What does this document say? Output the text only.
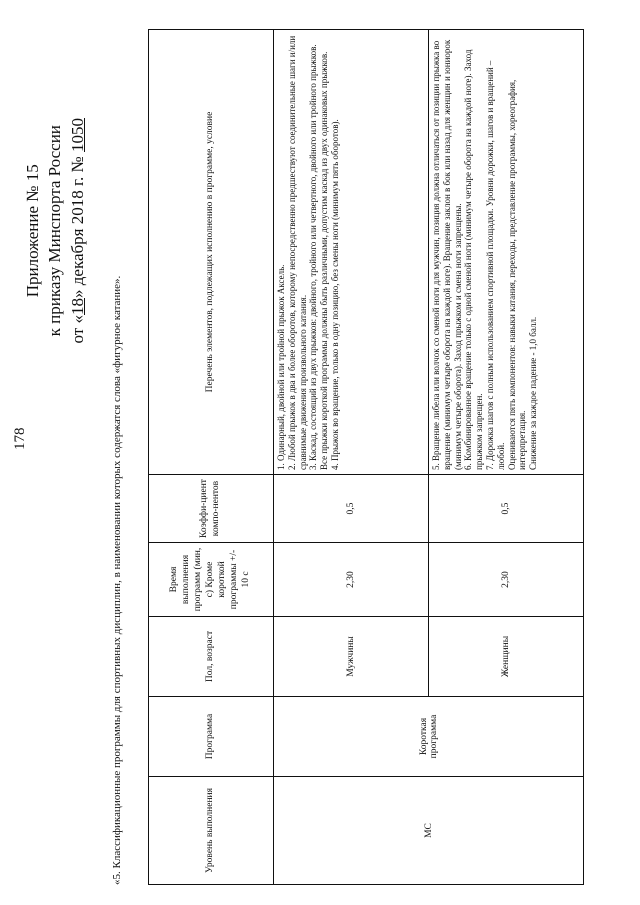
178
Приложение № 15 к приказу Минспорта России от «18» декабря 2018 г. № 1050
«5. Классификационные программы для спортивных дисциплин, в наименовании которых содержатся слова «фигурное катание».	Уровень выполнения	Программа	Пол, возраст	Время выполнения программ (мин, с) Кроме короткой программы +/- 10 с	Коэффи-циент компо-нентов	Перечень элементов, подлежащих исполнению в программе, условие
МС	Короткая программа	Мужчины	2,30	0,5	1. Одинарный, двойной или тройной прыжок Аксель. 2. Любой прыжок в два и более оборотов, которому непосредственно предшествуют соединительные шаги и/или сравнимые движения произвольного катания. 3. Каскад, состоящий из двух прыжков: двойного, тройного или четвертного, двойного или тройного прыжков. Все прыжки короткой программы должны быть различными, допустим каскад из двух одинаковых прыжков. 4. Прыжок во вращение, только в одну позицию, без смены ноги (минимум пять оборотов).

		Женщины	2,30	0,5	5. Вращение либела или волчок со сменой ноги для мужчин, позиция должна отличаться от позиции прыжка во вращение (минимум четыре оборота на каждой ноге). Вращение заклон в бок или назад для женщин и юниорок (минимум четыре оборота). Заход прыжком и смена ноги запрещены. 6. Комбинированное вращение только с одной сменой ноги (минимум четыре оборота на каждой ноге). Заход прыжком запрещен. 7. Дорожка шагов с полным использованием спортивной площадки. Уровни дорожки, шагов и вращений – любой. Оцениваются пять компонентов: навыки катания, переходы, представление программы, хореография, интерпретация. Снижение за каждое падение - 1,0 балл.
